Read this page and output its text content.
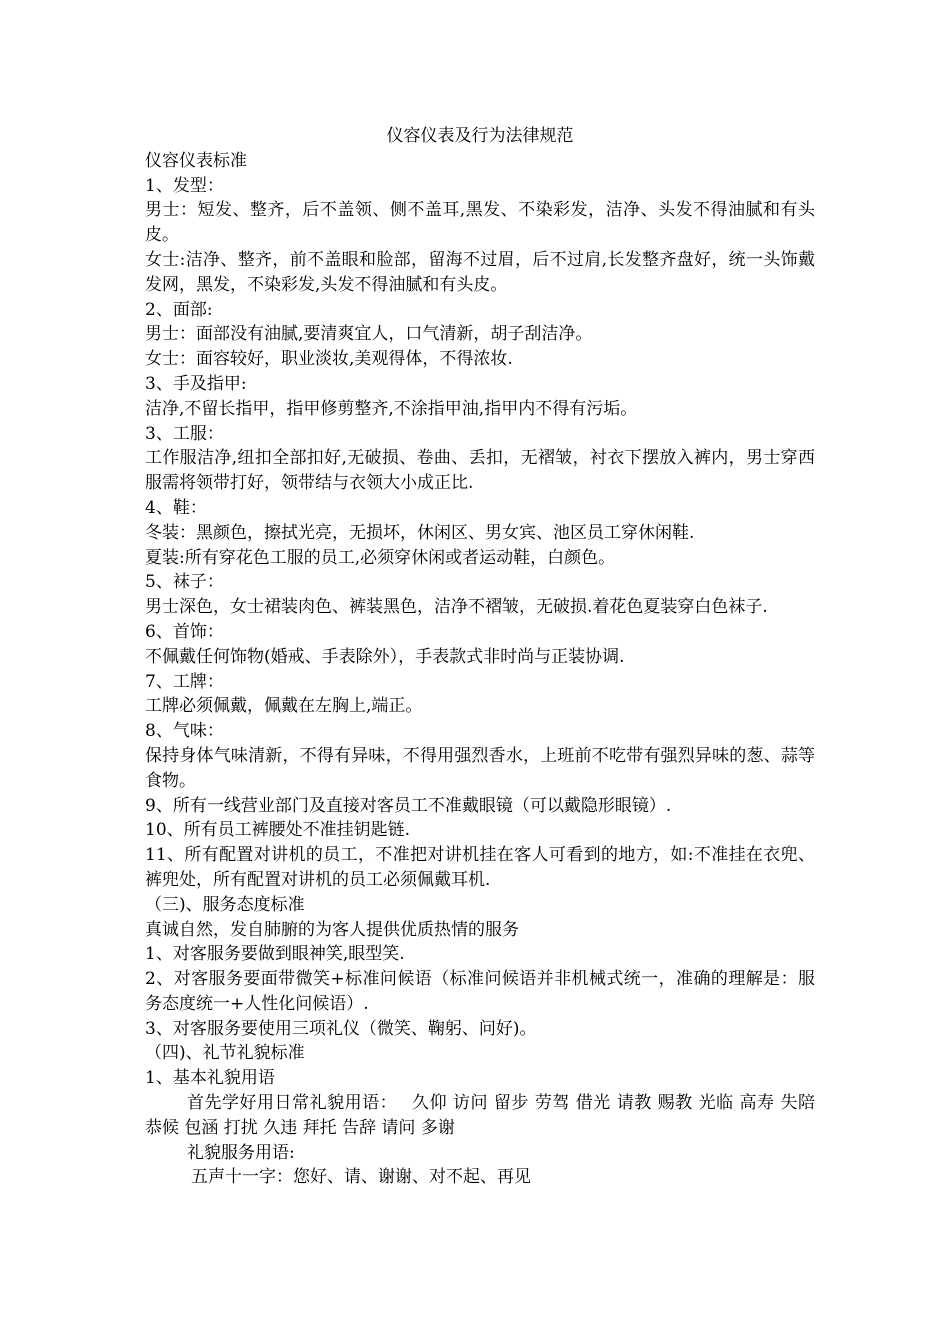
仪容仪表及行为法律规范

仪容仪表标准

1、发型：

男士：短发、整齐，后不盖领、侧不盖耳,黑发、不染彩发，洁净、头发不得油腻和有头皮。

女士:洁净、整齐，前不盖眼和脸部，留海不过眉，后不过肩,长发整齐盘好，统一头饰戴发网，黑发，不染彩发,头发不得油腻和有头皮。

2、面部:

男士：面部没有油腻,要清爽宜人，口气清新，胡子刮洁净。

女士：面容较好，职业淡妆,美观得体，不得浓妆.

3、手及指甲:

洁净,不留长指甲，指甲修剪整齐,不涂指甲油,指甲内不得有污垢。

3、工服：

工作服洁净,纽扣全部扣好,无破损、卷曲、丢扣，无褶皱，衬衣下摆放入裤内，男士穿西服需将领带打好，领带结与衣领大小成正比.

4、鞋：

冬装：黑颜色，擦拭光亮，无损坏，休闲区、男女宾、池区员工穿休闲鞋.

夏装:所有穿花色工服的员工,必须穿休闲或者运动鞋，白颜色。

5、袜子：

男士深色，女士裙装肉色、裤装黑色，洁净不褶皱，无破损.着花色夏装穿白色袜子.

6、首饰：

不佩戴任何饰物(婚戒、手表除外），手表款式非时尚与正装协调.

7、工牌：

工牌必须佩戴，佩戴在左胸上,端正。

8、气味：

保持身体气味清新，不得有异味，不得用强烈香水，上班前不吃带有强烈异味的葱、蒜等食物。

9、所有一线营业部门及直接对客员工不准戴眼镜（可以戴隐形眼镜）.

10、所有员工裤腰处不准挂钥匙链.

11、所有配置对讲机的员工，不准把对讲机挂在客人可看到的地方，如:不准挂在衣兜、裤兜处，所有配置对讲机的员工必须佩戴耳机.

（三)、服务态度标准

真诚自然，发自肺腑的为客人提供优质热情的服务

1、对客服务要做到眼神笑,眼型笑.

2、对客服务要面带微笑+标准问候语（标准问候语并非机械式统一，准确的理解是：服务态度统一+人性化问候语）.

3、对客服务要使用三项礼仪（微笑、鞠躬、问好)。

（四)、礼节礼貌标准

1、基本礼貌用语

首先学好用日常礼貌用语：　 久仰 访问 留步 劳驾 借光 请教 赐教 光临 高寿 失陪 恭候 包涵 打扰 久违 拜托 告辞 请问 多谢

礼貌服务用语:

五声十一字：您好、请、谢谢、对不起、再见
